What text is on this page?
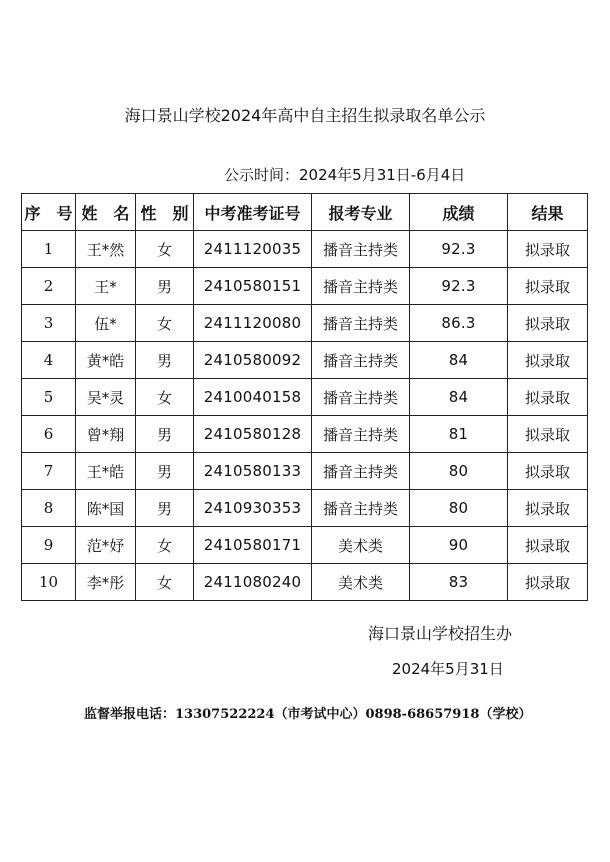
海口景山学校2024年高中自主招生拟录取名单公示
公示时间：2024年5月31日-6月4日
序　号	姓　名	性　别	中考准考证号	报考专业	成绩	结果
1	王*然	女	2411120035	播音主持类	92.3	拟录取
2	王*	男	2410580151	播音主持类	92.3	拟录取
3	伍*	女	2411120080	播音主持类	86.3	拟录取
4	黄*皓	男	2410580092	播音主持类	84	拟录取
5	吴*灵	女	2410040158	播音主持类	84	拟录取
6	曾*翔	男	2410580128	播音主持类	81	拟录取
7	王*皓	男	2410580133	播音主持类	80	拟录取
8	陈*国	男	2410930353	播音主持类	80	拟录取
9	范*妤	女	2410580171	美术类	90	拟录取
10	李*彤	女	2411080240	美术类	83	拟录取
海口景山学校招生办
2024年5月31日
监督举报电话：13307522224（市考试中心）0898-68657918（学校）
